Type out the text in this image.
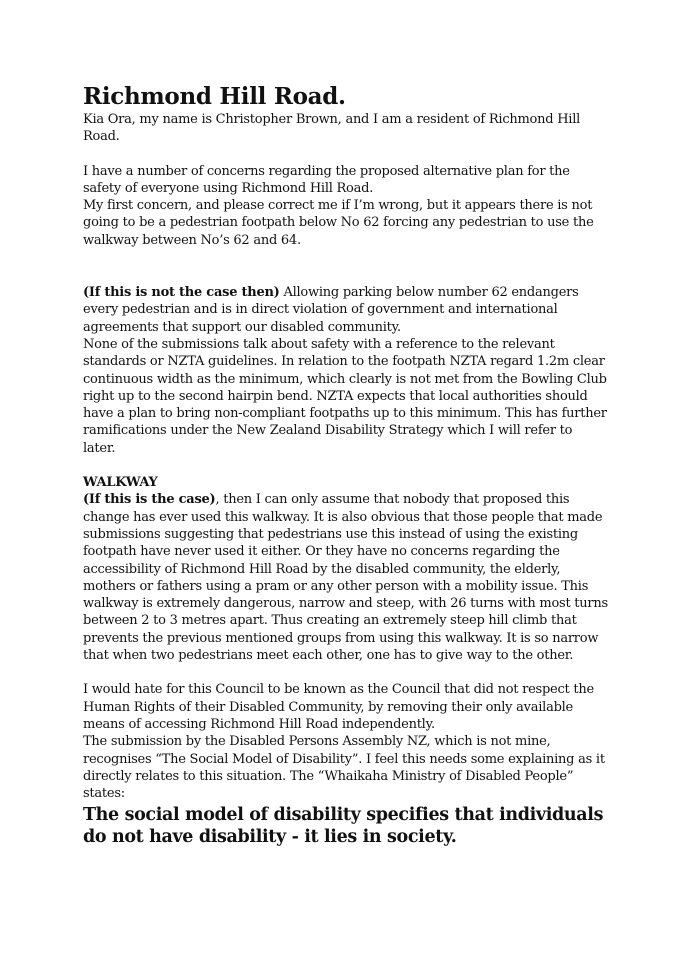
Richmond Hill Road.

Kia Ora, my name is Christopher Brown, and I am a resident of Richmond Hill Road.

I have a number of concerns regarding the proposed alternative plan for the safety of everyone using Richmond Hill Road.

My first concern, and please correct me if I’m wrong, but it appears there is not going to be a pedestrian footpath below No 62 forcing any pedestrian to use the walkway between No’s 62 and 64.

(If this is not the case then) Allowing parking below number 62 endangers every pedestrian and is in direct violation of government and international agreements that support our disabled community.

None of the submissions talk about safety with a reference to the relevant standards or NZTA guidelines. In relation to the footpath NZTA regard 1.2m clear continuous width as the minimum, which clearly is not met from the Bowling Club right up to the second hairpin bend. NZTA expects that local authorities should have a plan to bring non-compliant footpaths up to this minimum. This has further ramifications under the New Zealand Disability Strategy which I will refer to later.

WALKWAY

(If this is the case), then I can only assume that nobody that proposed this change has ever used this walkway. It is also obvious that those people that made submissions suggesting that pedestrians use this instead of using the existing footpath have never used it either. Or they have no concerns regarding the accessibility of Richmond Hill Road by the disabled community, the elderly, mothers or fathers using a pram or any other person with a mobility issue. This walkway is extremely dangerous, narrow and steep, with 26 turns with most turns between 2 to 3 metres apart. Thus creating an extremely steep hill climb that prevents the previous mentioned groups from using this walkway. It is so narrow that when two pedestrians meet each other, one has to give way to the other.

I would hate for this Council to be known as the Council that did not respect the Human Rights of their Disabled Community, by removing their only available means of accessing Richmond Hill Road independently.

The submission by the Disabled Persons Assembly NZ, which is not mine, recognises “The Social Model of Disability”. I feel this needs some explaining as it directly relates to this situation. The “Whaikaha Ministry of Disabled People” states:

The social model of disability specifies that individuals do not have disability - it lies in society.
